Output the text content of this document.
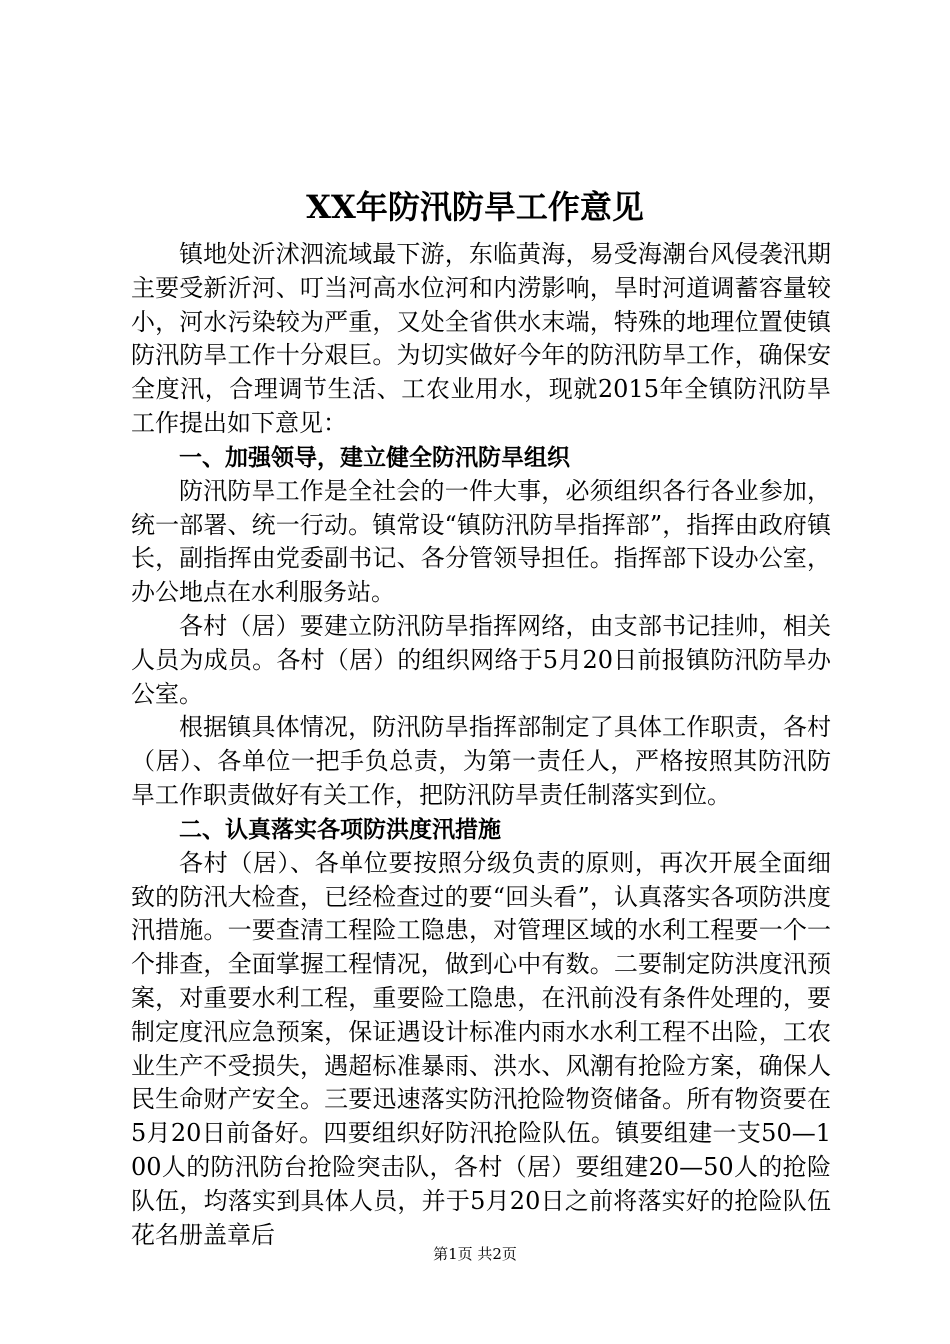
XX年防汛防旱工作意见

镇地处沂沭泗流域最下游，东临黄海，易受海潮台风侵袭汛期主要受新沂河、叮当河高水位河和内涝影响，旱时河道调蓄容量较小，河水污染较为严重，又处全省供水末端，特殊的地理位置使镇防汛防旱工作十分艰巨。为切实做好今年的防汛防旱工作，确保安全度汛，合理调节生活、工农业用水，现就2015年全镇防汛防旱工作提出如下意见：

一、加强领导，建立健全防汛防旱组织

防汛防旱工作是全社会的一件大事，必须组织各行各业参加，统一部署、统一行动。镇常设“镇防汛防旱指挥部”，指挥由政府镇长，副指挥由党委副书记、各分管领导担任。指挥部下设办公室，办公地点在水利服务站。

各村（居）要建立防汛防旱指挥网络，由支部书记挂帅，相关人员为成员。各村（居）的组织网络于5月20日前报镇防汛防旱办公室。

根据镇具体情况，防汛防旱指挥部制定了具体工作职责，各村（居）、各单位一把手负总责，为第一责任人，严格按照其防汛防旱工作职责做好有关工作，把防汛防旱责任制落实到位。

二、认真落实各项防洪度汛措施

各村（居）、各单位要按照分级负责的原则，再次开展全面细致的防汛大检查，已经检查过的要“回头看”，认真落实各项防洪度汛措施。一要查清工程险工隐患，对管理区域的水利工程要一个一个排查，全面掌握工程情况，做到心中有数。二要制定防洪度汛预案，对重要水利工程，重要险工隐患，在汛前没有条件处理的，要制定度汛应急预案，保证遇设计标准内雨水水利工程不出险，工农业生产不受损失，遇超标准暴雨、洪水、风潮有抢险方案，确保人民生命财产安全。三要迅速落实防汛抢险物资储备。所有物资要在5月20日前备好。四要组织好防汛抢险队伍。镇要组建一支50—100人的防汛防台抢险突击队，各村（居）要组建20—50人的抢险队伍，均落实到具体人员，并于5月20日之前将落实好的抢险队伍花名册盖章后

第1页 共2页
